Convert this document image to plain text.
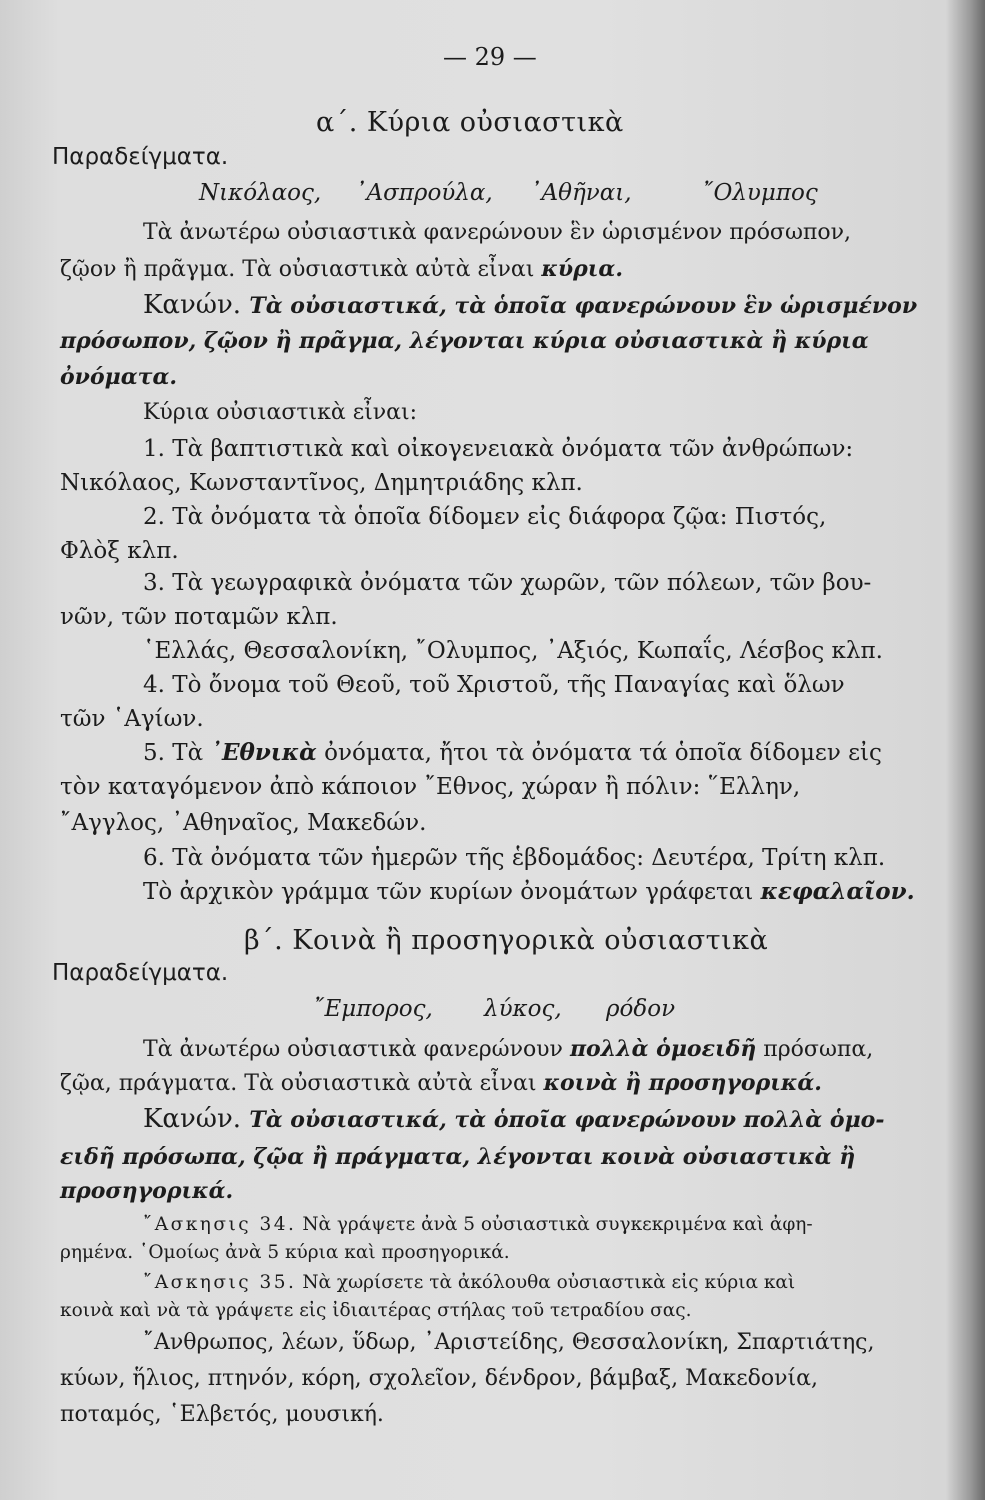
— 29 —
α΄. Κύρια οὐσιαστικὰ
Παραδείγματα.
Νικόλαος, ᾿Ασπρούλα, ᾿Αθῆναι,	῎Ολυμπος
Τὰ ἀνωτέρω οὐσιαστικὰ φανερώνουν ἓν ὡρισμένον πρόσωπον,
ζῷον ἢ πρᾶγμα. Τὰ οὐσιαστικὰ αὐτὰ εἶναι κύρια.
Κανών. Τὰ οὐσιαστικά, τὰ ὁποῖα φανερώνουν ἓν ὡρισμένον
πρόσωπον, ζῷον ἢ πρᾶγμα, λέγονται κύρια οὐσιαστικὰ ἢ κύρια
ὀνόματα.
Κύρια οὐσιαστικὰ εἶναι:
1. Τὰ βαπτιστικὰ καὶ οἰκογενειακὰ ὀνόματα τῶν ἀνθρώπων:
Νικόλαος, Κωνσταντῖνος, Δημητριάδης κλπ.
2. Τὰ ὀνόματα τὰ ὁποῖα δίδομεν εἰς διάφορα ζῷα: Πιστός,
Φλὸξ κλπ.
3. Τὰ γεωγραφικὰ ὀνόματα τῶν χωρῶν, τῶν πόλεων, τῶν βου-
νῶν, τῶν ποταμῶν κλπ.
῾Ελλάς, Θεσσαλονίκη, ῎Ολυμπος, ᾿Αξιός, Κωπαΐς, Λέσβος κλπ.
4. Τὸ ὄνομα τοῦ Θεοῦ, τοῦ Χριστοῦ, τῆς Παναγίας καὶ ὅλων
τῶν ῾Αγίων.
5. Τὰ ᾿Εθνικὰ ὀνόματα, ἤτοι τὰ ὀνόματα τά ὁποῖα δίδομεν εἰς
τὸν καταγόμενον ἀπὸ κάποιον ῎Εθνος, χώραν ἢ πόλιν: ῞Ελλην,
῎Αγγλος, ᾿Αθηναῖος, Μακεδών.
6. Τὰ ὀνόματα τῶν ἡμερῶν τῆς ἑβδομάδος: Δευτέρα, Τρίτη κλπ.
Τὸ ἀρχικὸν γράμμα τῶν κυρίων ὀνομάτων γράφεται κεφαλαῖον.
β΄. Κοινὰ ἢ προσηγορικὰ οὐσιαστικὰ
Παραδείγματα.
῎Εμπορος, λύκος, ρόδον
Τὰ ἀνωτέρω οὐσιαστικὰ φανερώνουν πολλὰ ὁμοειδῆ πρόσωπα,
ζῷα, πράγματα. Τὰ οὐσιαστικὰ αὐτὰ εἶναι κοινὰ ἢ προσηγορικά.
Κανών. Τὰ οὐσιαστικά, τὰ ὁποῖα φανερώνουν πολλὰ ὁμο-
ειδῆ πρόσωπα, ζῷα ἢ πράγματα, λέγονται κοινὰ οὐσιαστικὰ ἢ
προσηγορικά.
῎Ασκησις 34. Νὰ γράψετε ἀνὰ 5 οὐσιαστικὰ συγκεκριμένα καὶ ἀφη-
ρημένα. ῾Ομοίως ἀνὰ 5 κύρια καὶ προσηγορικά.
῎Ασκησις 35. Νὰ χωρίσετε τὰ ἀκόλουθα οὐσιαστικὰ εἰς κύρια καὶ
κοινὰ καὶ νὰ τὰ γράψετε εἰς ἰδιαιτέρας στήλας τοῦ τετραδίου σας.
῎Ανθρωπος, λέων, ὕδωρ, ᾿Αριστείδης, Θεσσαλονίκη, Σπαρτιάτης,
κύων, ἥλιος, πτηνόν, κόρη, σχολεῖον, δένδρον, βάμβαξ, Μακεδονία,
ποταμός, ῾Ελβετός, μουσική.
